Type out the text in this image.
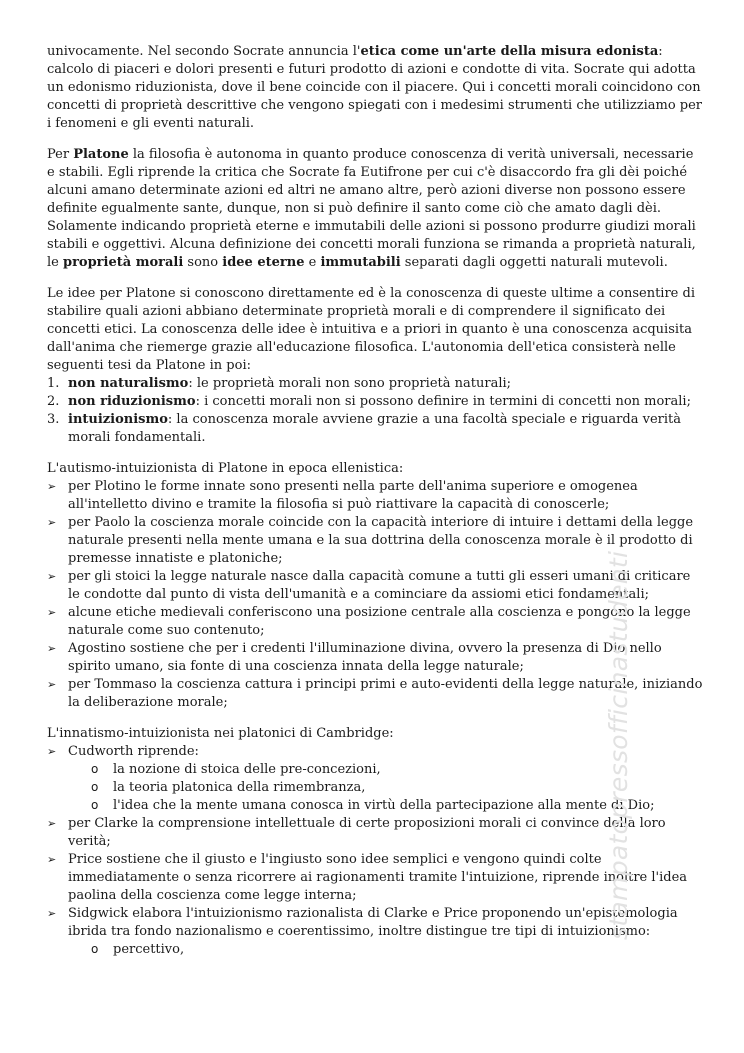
univocamente. Nel secondo Socrate annuncia l'etica come un'arte della misura edonista: calcolo di piaceri e dolori presenti e futuri prodotto di azioni e condotte di vita. Socrate qui adotta un edonismo riduzionista, dove il bene coincide con il piacere. Qui i concetti morali coincidono con concetti di proprietà descrittive che vengono spiegati con i medesimi strumenti che utilizziamo per i fenomeni e gli eventi naturali.

Per Platone la filosofia è autonoma in quanto produce conoscenza di verità universali, necessarie e stabili. Egli riprende la critica che Socrate fa Eutifrone per cui c'è disaccordo fra gli dèi poiché alcuni amano determinate azioni ed altri ne amano altre, però azioni diverse non possono essere definite egualmente sante, dunque, non si può definire il santo come ciò che amato dagli dèi. Solamente indicando proprietà eterne e immutabili delle azioni si possono produrre giudizi morali stabili e oggettivi. Alcuna definizione dei concetti morali funziona se rimanda a proprietà naturali, le proprietà morali sono idee eterne e immutabili separati dagli oggetti naturali mutevoli.

Le idee per Platone si conoscono direttamente ed è la conoscenza di queste ultime a consentire di stabilire quali azioni abbiano determinate proprietà morali e di comprendere il significato dei concetti etici. La conoscenza delle idee è intuitiva e a priori in quanto è una conoscenza acquisita dall'anima che riemerge grazie all'educazione filosofica. L'autonomia dell'etica consisterà nelle seguenti tesi da Platone in poi:
1. non naturalismo: le proprietà morali non sono proprietà naturali;
2. non riduzionismo: i concetti morali non si possono definire in termini di concetti non morali;
3. intuizionismo: la conoscenza morale avviene grazie a una facoltà speciale e riguarda verità morali fondamentali.
L'autismo-intuizionista di Platone in epoca ellenistica:
➢ per Plotino le forme innate sono presenti nella parte dell'anima superiore e omogenea all'intelletto divino e tramite la filosofia si può riattivare la capacità di conoscerle;
➢ per Paolo la coscienza morale coincide con la capacità interiore di intuire i dettami della legge naturale presenti nella mente umana e la sua dottrina della conoscenza morale è il prodotto di premesse innatiste e platoniche;
➢ per gli stoici la legge naturale nasce dalla capacità comune a tutti gli esseri umani di criticare le condotte dal punto di vista dell'umanità e a cominciare da assiomi etici fondamentali;
➢ alcune etiche medievali conferiscono una posizione centrale alla coscienza e pongono la legge naturale come suo contenuto;
➢ Agostino sostiene che per i credenti l'illuminazione divina, ovvero la presenza di Dio nello spirito umano, sia fonte di una coscienza innata della legge naturale;
➢ per Tommaso la coscienza cattura i principi primi e auto-evidenti della legge naturale, iniziando la deliberazione morale;
L'innatismo-intuizionista nei platonici di Cambridge:
➢ Cudworth riprende:
o la nozione di stoica delle pre-concezioni,
o la teoria platonica della rimembranza,
o l'idea che la mente umana conosca in virtù della partecipazione alla mente di Dio;
➢ per Clarke la comprensione intellettuale di certe proposizioni morali ci convince della loro verità;
➢ Price sostiene che il giusto e l'ingiusto sono idee semplici e vengono quindi colte immediatamente o senza ricorrere ai ragionamenti tramite l'intuizione, riprende inoltre l'idea paolina della coscienza come legge interna;
➢ Sidgwick elabora l'intuizionismo razionalista di Clarke e Price proponendo un'epistemologia ibrida tra fondo nazionalismo e coerentissimo, inoltre distingue tre tipi di intuizionismo:
o percettivo,
stampatopressofficinastudenti
